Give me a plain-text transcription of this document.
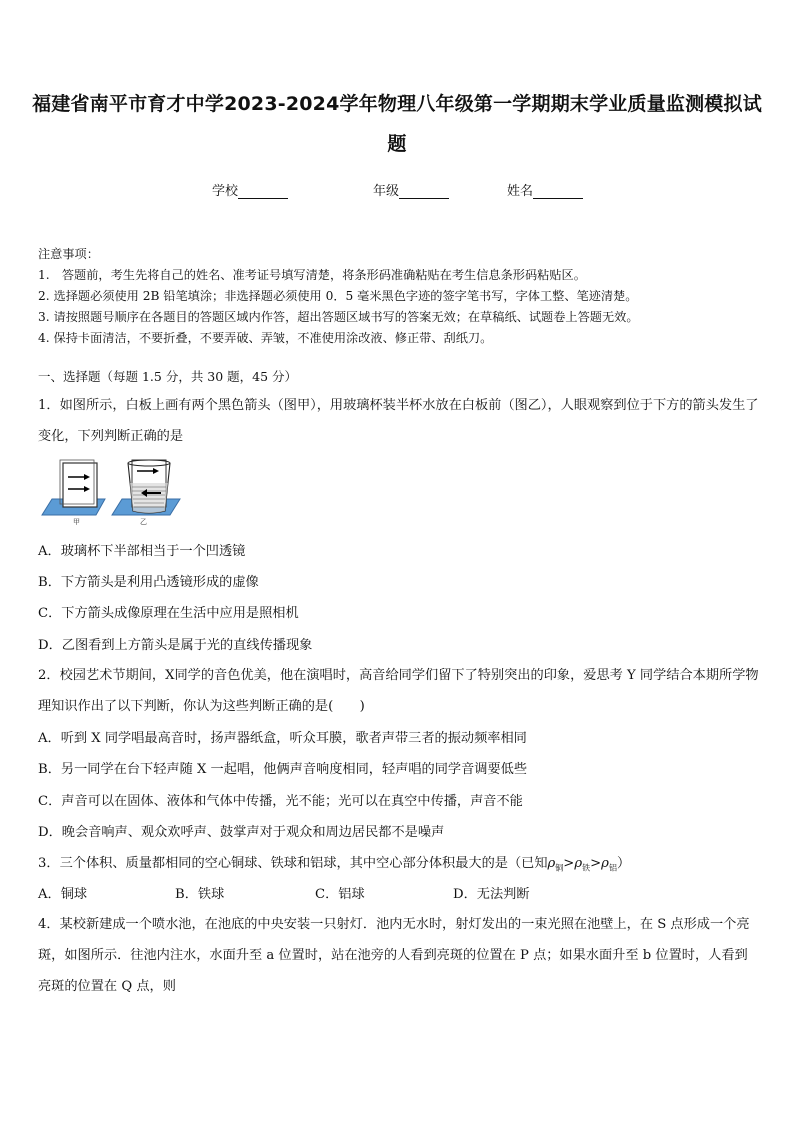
福建省南平市育才中学2023-2024学年物理八年级第一学期期末学业质量监测模拟试题
学校	年级	姓名
注意事项：
1.　答题前，考生先将自己的姓名、准考证号填写清楚，将条形码准确粘贴在考生信息条形码粘贴区。
2. 选择题必须使用 2B 铅笔填涂；非选择题必须使用 0．5 毫米黑色字迹的签字笔书写，字体工整、笔迹清楚。
3. 请按照题号顺序在各题目的答题区域内作答，超出答题区域书写的答案无效；在草稿纸、试题卷上答题无效。
4. 保持卡面清洁，不要折叠，不要弄破、弄皱，不准使用涂改液、修正带、刮纸刀。
一、选择题（每题 1.5 分，共 30 题，45 分）
1．如图所示，白板上画有两个黑色箭头（图甲），用玻璃杯装半杯水放在白板前（图乙），人眼观察到位于下方的箭头发生了变化，下列判断正确的是
甲	乙
A．玻璃杯下半部相当于一个凹透镜
B．下方箭头是利用凸透镜形成的虚像
C．下方箭头成像原理在生活中应用是照相机
D．乙图看到上方箭头是属于光的直线传播现象
2．校园艺术节期间，X同学的音色优美，他在演唱时，高音给同学们留下了特别突出的印象，爱思考 Y 同学结合本期所学物理知识作出了以下判断，你认为这些判断正确的是(　　)
A．听到 X 同学唱最高音时，扬声器纸盒，听众耳膜，歌者声带三者的振动频率相同
B．另一同学在台下轻声随 X 一起唱，他俩声音响度相同，轻声唱的同学音调要低些
C．声音可以在固体、液体和气体中传播，光不能；光可以在真空中传播，声音不能
D．晚会音响声、观众欢呼声、鼓掌声对于观众和周边居民都不是噪声
3．三个体积、质量都相同的空心铜球、铁球和铝球，其中空心部分体积最大的是（已知$\rho_铜>\rho_铁>\rho_铝$）
A．铜球	B．铁球	C．铝球	D．无法判断
4．某校新建成一个喷水池，在池底的中央安装一只射灯．池内无水时，射灯发出的一束光照在池壁上，在 S 点形成一个亮斑，如图所示．往池内注水，水面升至 a 位置时，站在池旁的人看到亮斑的位置在 P 点；如果水面升至 b 位置时，人看到亮斑的位置在 Q 点，则
